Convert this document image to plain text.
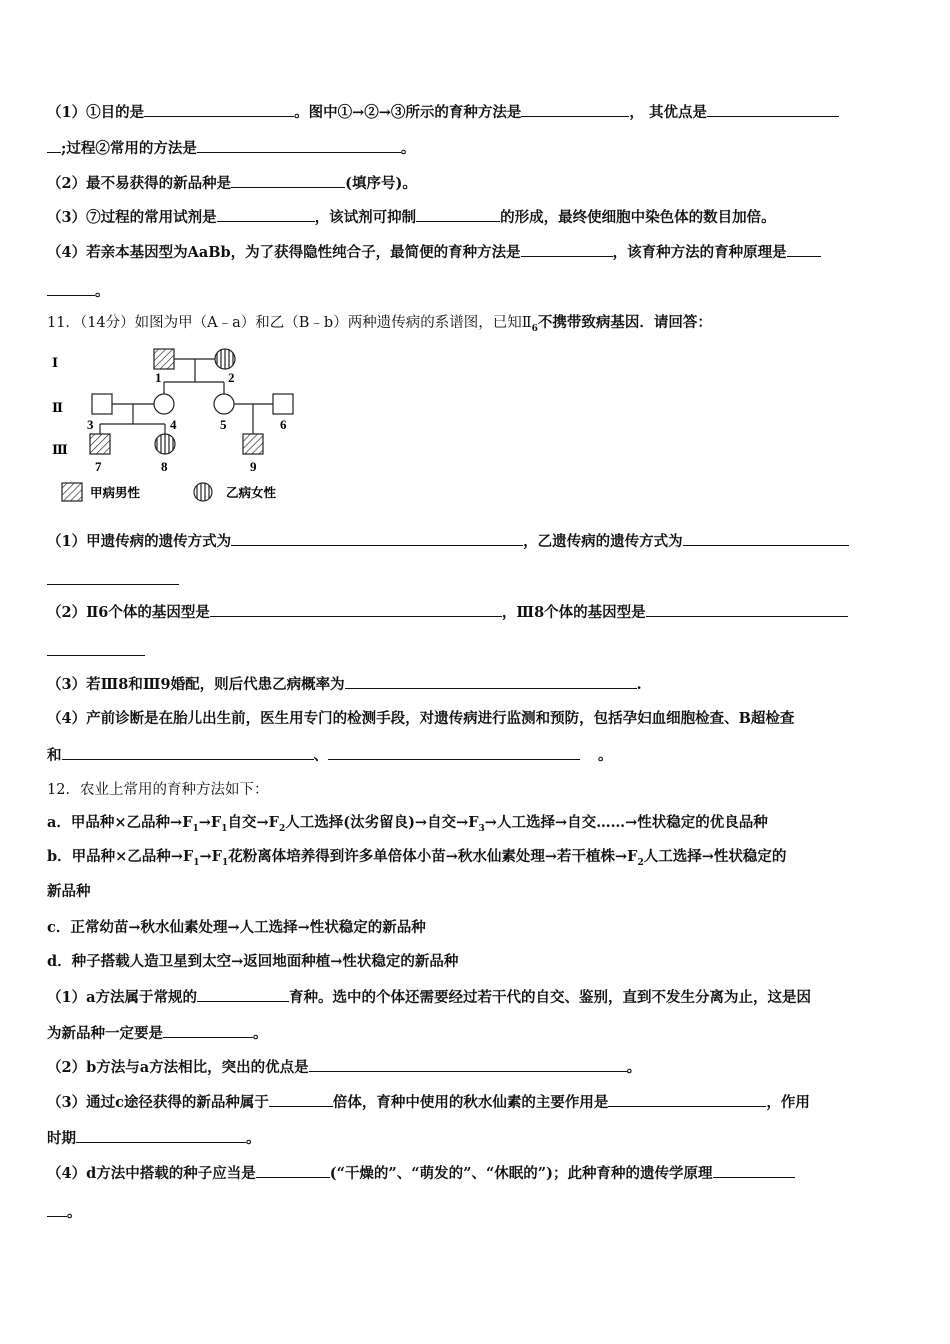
（1）①目的是	。图中①→②→③所示的育种方法是	， 其优点是
;过程②常用的方法是	。
（2）最不易获得的新品种是	(填序号)。
（3）⑦过程的常用试剂是	，该试剂可抑制	的形成，最终使细胞中染色体的数目加倍。
（4）若亲本基因型为AaBb，为了获得隐性纯合子，最简便的育种方法是	，该育种方法的育种原理是
。
11．（14分）如图为甲（A﹣a）和乙（B﹣b）两种遗传病的系谱图，已知$Ⅱ_6$不携带致病基因．请回答：
Ⅰ
Ⅱ
Ⅲ
1	2
3	4	5	6
7	8	9
甲病男性	乙病女性
（1）甲遗传病的遗传方式为	，乙遗传病的遗传方式为
（2）Ⅱ6个体的基因型是	，Ⅲ8个体的基因型是
（3）若Ⅲ8和Ⅲ9婚配，则后代患乙病概率为	.
（4）产前诊断是在胎儿出生前，医生用专门的检测手段，对遗传病进行监测和预防，包括孕妇血细胞检查、B超检查
和	、	。
12．农业上常用的育种方法如下：
a．甲品种×乙品种$\to F_1\to F_1$自交$\to F_2$人工选择(汰劣留良)→自交$\to F_3\to$人工选择→自交……→性状稳定的优良品种
b．甲品种×乙品种$\to F_1\to F_1$花粉离体培养得到许多单倍体小苗→秋水仙素处理→若干植株$\to F_2$人工选择→性状稳定的
新品种
c．正常幼苗→秋水仙素处理→人工选择→性状稳定的新品种
d．种子搭载人造卫星到太空→返回地面种植→性状稳定的新品种
（1）a方法属于常规的	育种。选中的个体还需要经过若干代的自交、鉴别，直到不发生分离为止，这是因
为新品种一定要是	。
（2）b方法与a方法相比，突出的优点是	。
（3）通过c途径获得的新品种属于	倍体，育种中使用的秋水仙素的主要作用是	，作用
时期	。
（4）d方法中搭载的种子应当是	(“干燥的”、“萌发的”、“休眠的”)；此种育种的遗传学原理
。
